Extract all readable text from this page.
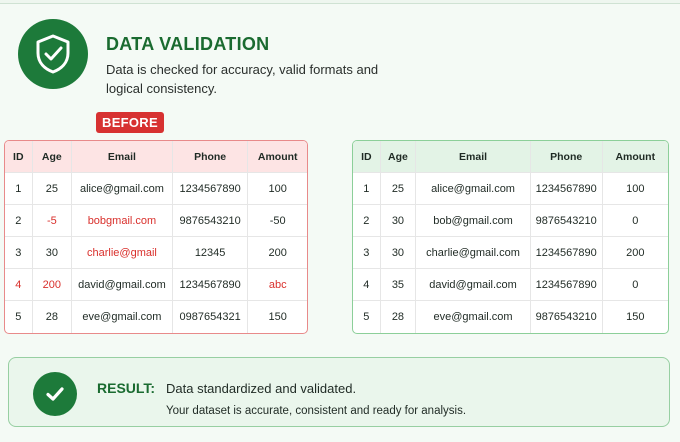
DATA VALIDATION
Data is checked for accuracy, valid formats and logical consistency.
BEFORE
ID	Age	Email	Phone	Amount
1	25	alice@gmail.com	1234567890	100
2	-5	bobgmail.com	9876543210	-50
3	30	charlie@gmail	12345	200
4	200	david@gmail.com	1234567890	abc
5	28	eve@gmail.com	0987654321	150
ID	Age	Email	Phone	Amount
1	25	alice@gmail.com	1234567890	100
2	30	bob@gmail.com	9876543210	0
3	30	charlie@gmail.com	1234567890	200
4	35	david@gmail.com	1234567890	0
5	28	eve@gmail.com	9876543210	150
RESULT: Data standardized and validated.
Your dataset is accurate, consistent and ready for analysis.
